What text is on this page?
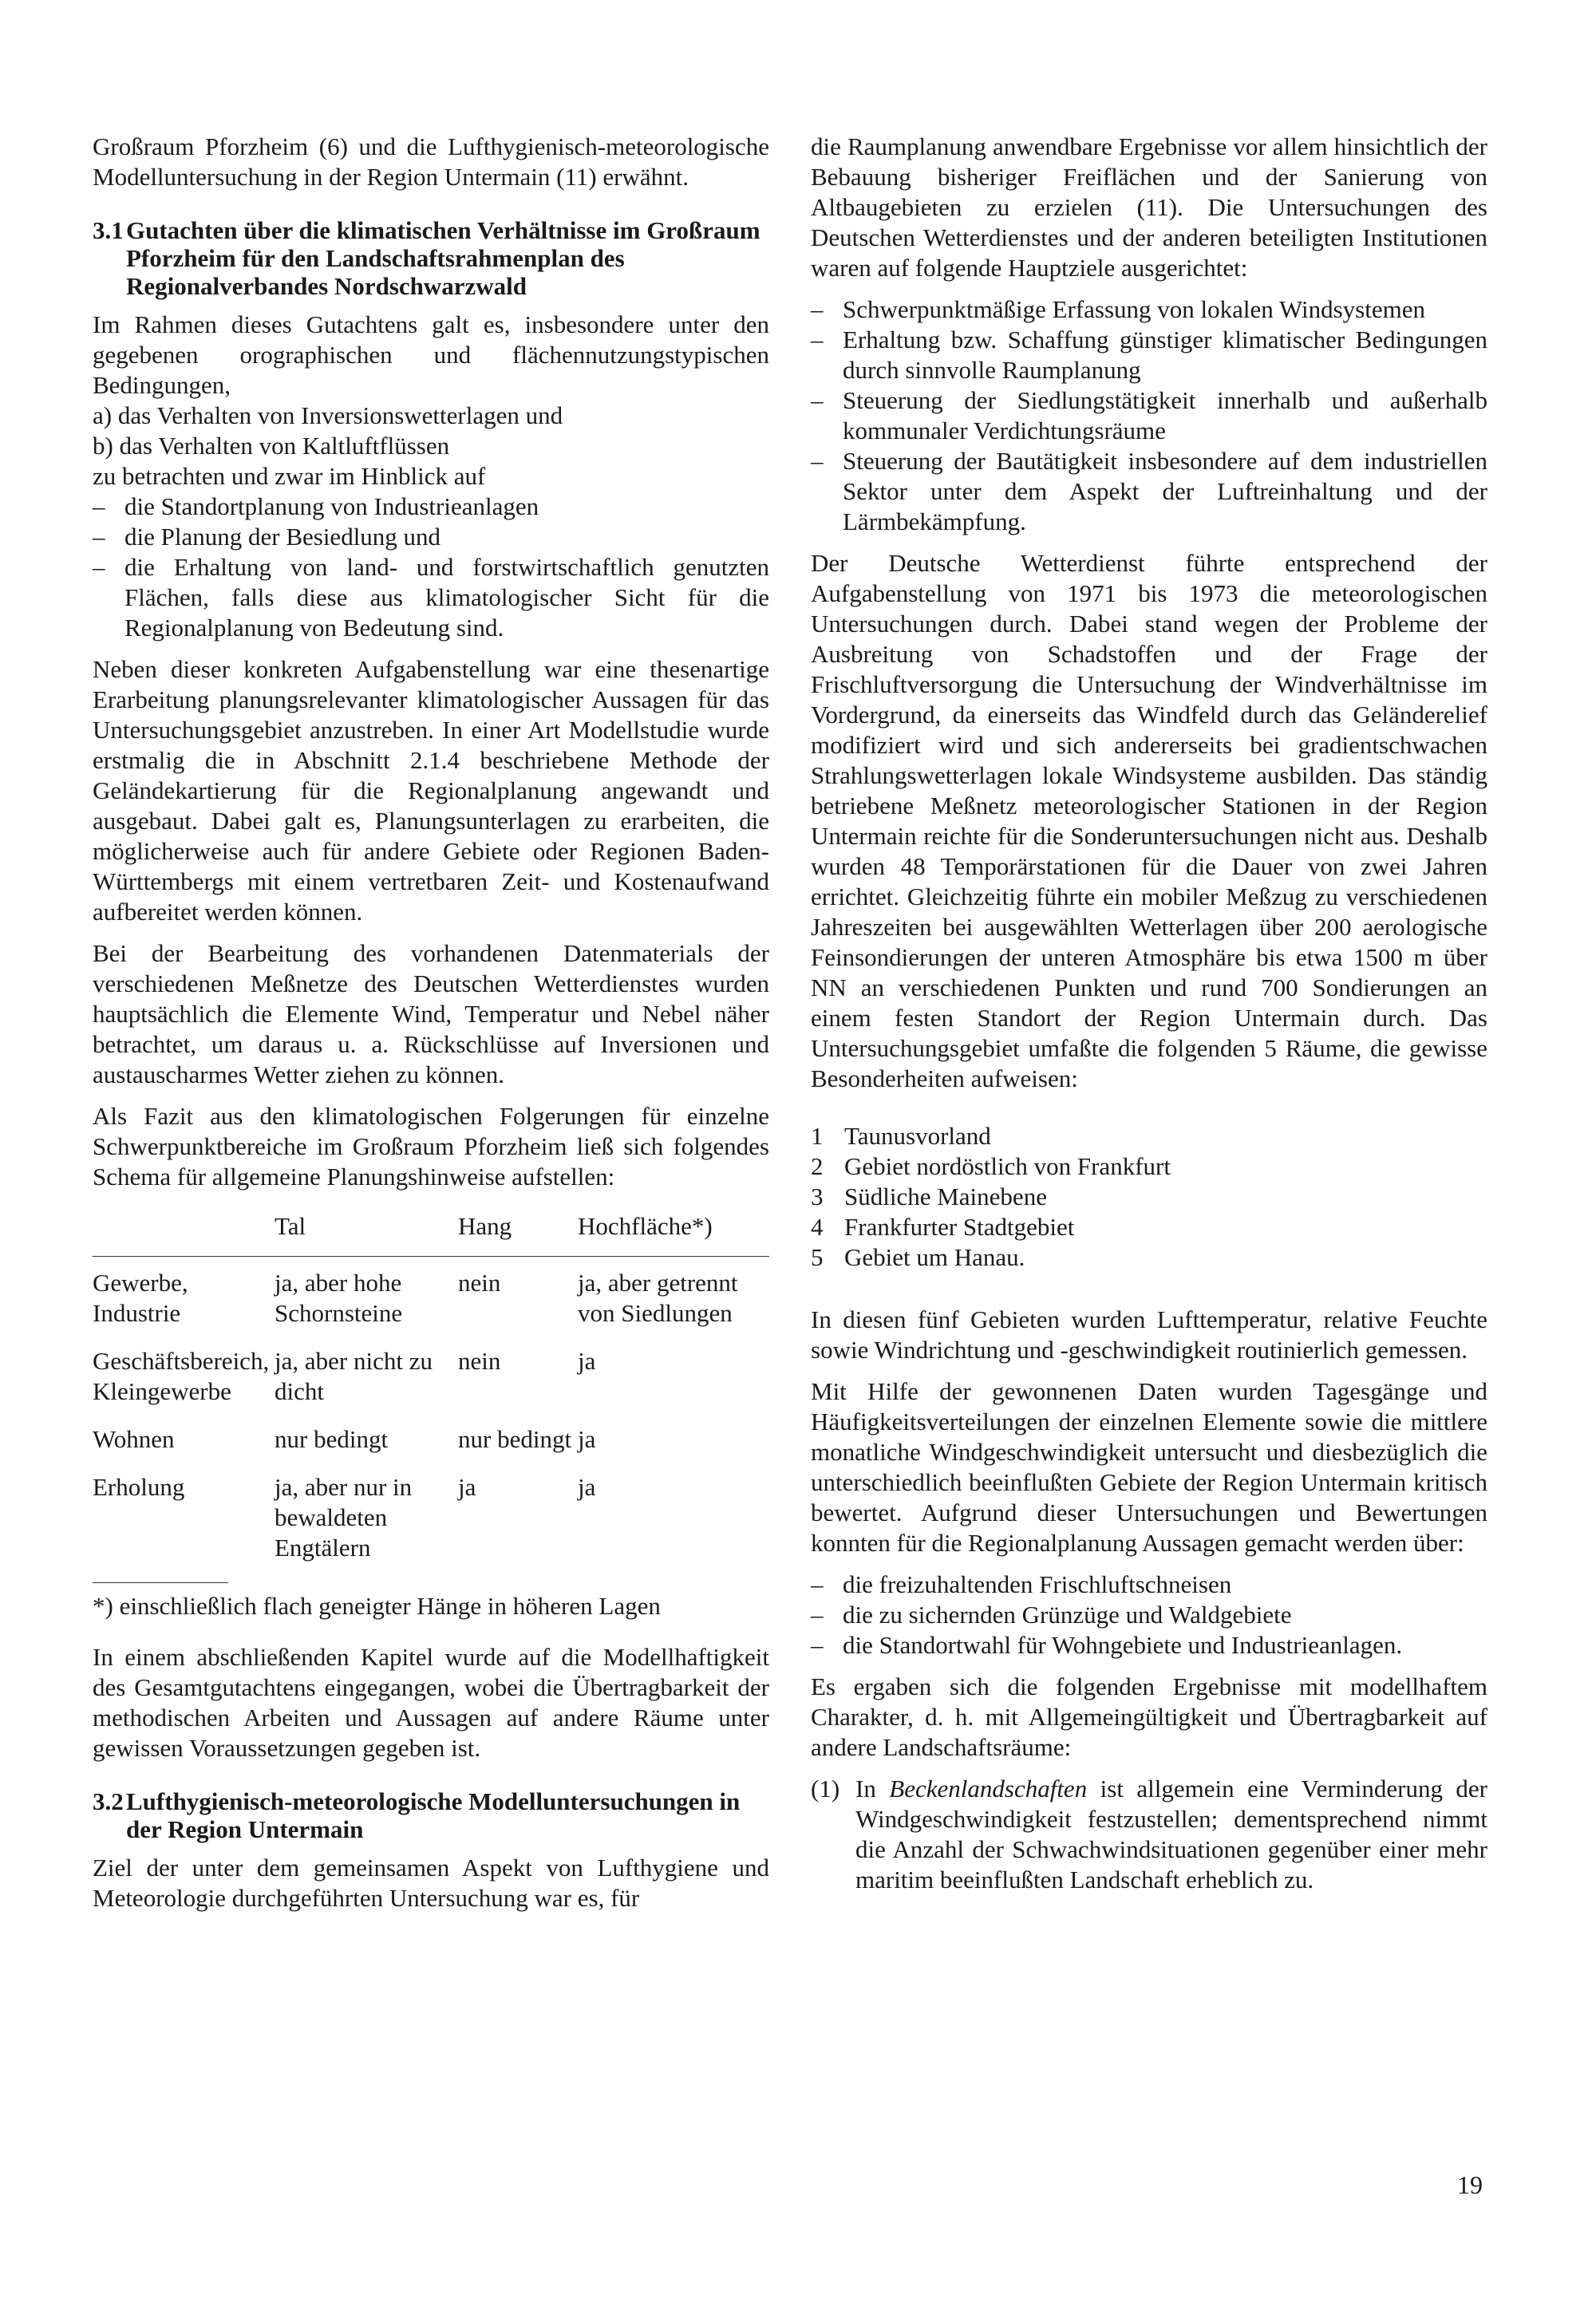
Großraum Pforzheim (6) und die Lufthygienisch-meteorologische Modelluntersuchung in der Region Untermain (11) erwähnt.

3.1 Gutachten über die klimatischen Verhältnisse im Großraum Pforzheim für den Landschaftsrahmenplan des Regionalverbandes Nordschwarzwald

Im Rahmen dieses Gutachtens galt es, insbesondere unter den gegebenen orographischen und flächennutzungstypischen Bedingungen,

a) das Verhalten von Inversionswetterlagen und
b) das Verhalten von Kaltluftflüssen
zu betrachten und zwar im Hinblick auf
– die Standortplanung von Industrieanlagen
– die Planung der Besiedlung und
– die Erhaltung von land- und forstwirtschaftlich genutzten Flächen, falls diese aus klimatologischer Sicht für die Regionalplanung von Bedeutung sind.

Neben dieser konkreten Aufgabenstellung war eine thesenartige Erarbeitung planungsrelevanter klimatologischer Aussagen für das Untersuchungsgebiet anzustreben. In einer Art Modellstudie wurde erstmalig die in Abschnitt 2.1.4 beschriebene Methode der Geländekartierung für die Regionalplanung angewandt und ausgebaut. Dabei galt es, Planungsunterlagen zu erarbeiten, die möglicherweise auch für andere Gebiete oder Regionen Baden-Württembergs mit einem vertretbaren Zeit- und Kostenaufwand aufbereitet werden können.

Bei der Bearbeitung des vorhandenen Datenmaterials der verschiedenen Meßnetze des Deutschen Wetterdienstes wurden hauptsächlich die Elemente Wind, Temperatur und Nebel näher betrachtet, um daraus u. a. Rückschlüsse auf Inversionen und austauscharmes Wetter ziehen zu können.

Als Fazit aus den klimatologischen Folgerungen für einzelne Schwerpunktbereiche im Großraum Pforzheim ließ sich folgendes Schema für allgemeine Planungshinweise aufstellen:

	Tal	Hang	Hochfläche*)
Gewerbe, Industrie	ja, aber hohe Schornsteine	nein	ja, aber getrennt von Siedlungen
Geschäftsbereich, Kleingewerbe	ja, aber nicht zu dicht	nein	ja
Wohnen	nur bedingt	nur bedingt	ja
Erholung	ja, aber nur in bewaldeten Engtälern	ja	ja

*) einschließlich flach geneigter Hänge in höheren Lagen

In einem abschließenden Kapitel wurde auf die Modellhaftigkeit des Gesamtgutachtens eingegangen, wobei die Übertragbarkeit der methodischen Arbeiten und Aussagen auf andere Räume unter gewissen Voraussetzungen gegeben ist.

3.2 Lufthygienisch-meteorologische Modelluntersuchungen in der Region Untermain

Ziel der unter dem gemeinsamen Aspekt von Lufthygiene und Meteorologie durchgeführten Untersuchung war es, für

die Raumplanung anwendbare Ergebnisse vor allem hinsichtlich der Bebauung bisheriger Freiflächen und der Sanierung von Altbaugebieten zu erzielen (11). Die Untersuchungen des Deutschen Wetterdienstes und der anderen beteiligten Institutionen waren auf folgende Hauptziele ausgerichtet:

– Schwerpunktmäßige Erfassung von lokalen Windsystemen
– Erhaltung bzw. Schaffung günstiger klimatischer Bedingungen durch sinnvolle Raumplanung
– Steuerung der Siedlungstätigkeit innerhalb und außerhalb kommunaler Verdichtungsräume
– Steuerung der Bautätigkeit insbesondere auf dem industriellen Sektor unter dem Aspekt der Luftreinhaltung und der Lärmbekämpfung.

Der Deutsche Wetterdienst führte entsprechend der Aufgabenstellung von 1971 bis 1973 die meteorologischen Untersuchungen durch. Dabei stand wegen der Probleme der Ausbreitung von Schadstoffen und der Frage der Frischluftversorgung die Untersuchung der Windverhältnisse im Vordergrund, da einerseits das Windfeld durch das Geländerelief modifiziert wird und sich andererseits bei gradientschwachen Strahlungswetterlagen lokale Windsysteme ausbilden. Das ständig betriebene Meßnetz meteorologischer Stationen in der Region Untermain reichte für die Sonderuntersuchungen nicht aus. Deshalb wurden 48 Temporärstationen für die Dauer von zwei Jahren errichtet. Gleichzeitig führte ein mobiler Meßzug zu verschiedenen Jahreszeiten bei ausgewählten Wetterlagen über 200 aerologische Feinsondierungen der unteren Atmosphäre bis etwa 1500 m über NN an verschiedenen Punkten und rund 700 Sondierungen an einem festen Standort der Region Untermain durch. Das Untersuchungsgebiet umfaßte die folgenden 5 Räume, die gewisse Besonderheiten aufweisen:

1 Taunusvorland
2 Gebiet nordöstlich von Frankfurt
3 Südliche Mainebene
4 Frankfurter Stadtgebiet
5 Gebiet um Hanau.

In diesen fünf Gebieten wurden Lufttemperatur, relative Feuchte sowie Windrichtung und -geschwindigkeit routinierlich gemessen.

Mit Hilfe der gewonnenen Daten wurden Tagesgänge und Häufigkeitsverteilungen der einzelnen Elemente sowie die mittlere monatliche Windgeschwindigkeit untersucht und diesbezüglich die unterschiedlich beeinflußten Gebiete der Region Untermain kritisch bewertet. Aufgrund dieser Untersuchungen und Bewertungen konnten für die Regionalplanung Aussagen gemacht werden über:

– die freizuhaltenden Frischluftschneisen
– die zu sichernden Grünzüge und Waldgebiete
– die Standortwahl für Wohngebiete und Industrieanlagen.

Es ergaben sich die folgenden Ergebnisse mit modellhaftem Charakter, d. h. mit Allgemeingültigkeit und Übertragbarkeit auf andere Landschaftsräume:

(1) In Beckenlandschaften ist allgemein eine Verminderung der Windgeschwindigkeit festzustellen; dementsprechend nimmt die Anzahl der Schwachwindsituationen gegenüber einer mehr maritim beeinflußten Landschaft erheblich zu.
19
